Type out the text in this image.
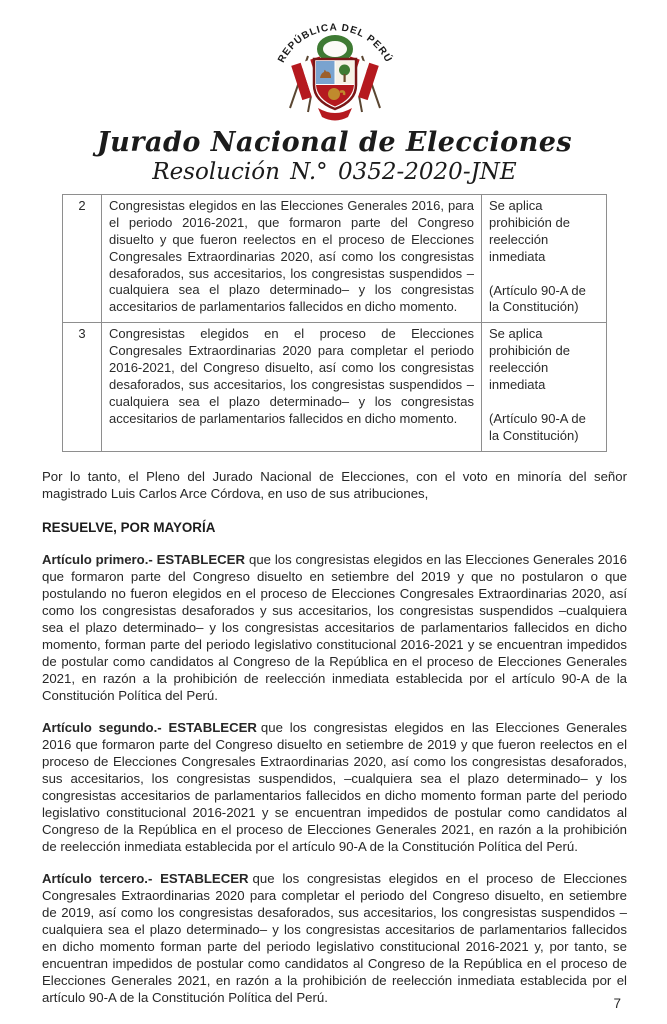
REPÚBLICA DEL PERÚ
Jurado Nacional de Elecciones
Resolución N.° 0352-2020-JNE
2	Congresistas elegidos en las Elecciones Generales 2016, para el periodo 2016-2021, que formaron parte del Congreso disuelto y que fueron reelectos en el proceso de Elecciones Congresales Extraordinarias 2020, así como los congresistas desaforados, sus accesitarios, los congresistas suspendidos –cualquiera sea el plazo determinado– y los congresistas accesitarios de parlamentarios fallecidos en dicho momento.	Se aplica prohibición de reelección inmediata
(Artículo 90-A de la Constitución)

3	Congresistas elegidos en el proceso de Elecciones Congresales Extraordinarias 2020 para completar el periodo 2016-2021, del Congreso disuelto, así como los congresistas desaforados, sus accesitarios, los congresistas suspendidos –cualquiera sea el plazo determinado– y los congresistas accesitarios de parlamentarios fallecidos en dicho momento.	Se aplica prohibición de reelección inmediata
(Artículo 90-A de la Constitución)

Por lo tanto, el Pleno del Jurado Nacional de Elecciones, con el voto en minoría del señor magistrado Luis Carlos Arce Córdova, en uso de sus atribuciones,

RESUELVE, POR MAYORÍA

Artículo primero.- ESTABLECER que los congresistas elegidos en las Elecciones Generales 2016 que formaron parte del Congreso disuelto en setiembre del 2019 y que no postularon o que postulando no fueron elegidos en el proceso de Elecciones Congresales Extraordinarias 2020, así como los congresistas desaforados y sus accesitarios, los congresistas suspendidos –cualquiera sea el plazo determinado– y los congresistas accesitarios de parlamentarios fallecidos en dicho momento, forman parte del periodo legislativo constitucional 2016-2021 y se encuentran impedidos de postular como candidatos al Congreso de la República en el proceso de Elecciones Generales 2021, en razón a la prohibición de reelección inmediata establecida por el artículo 90-A de la Constitución Política del Perú.

Artículo segundo.- ESTABLECER que los congresistas elegidos en las Elecciones Generales 2016 que formaron parte del Congreso disuelto en setiembre de 2019 y que fueron reelectos en el proceso de Elecciones Congresales Extraordinarias 2020, así como los congresistas desaforados, sus accesitarios, los congresistas suspendidos, –cualquiera sea el plazo determinado– y los congresistas accesitarios de parlamentarios fallecidos en dicho momento forman parte del periodo legislativo constitucional 2016-2021 y se encuentran impedidos de postular como candidatos al Congreso de la República en el proceso de Elecciones Generales 2021, en razón a la prohibición de reelección inmediata establecida por el artículo 90-A de la Constitución Política del Perú.

Artículo tercero.- ESTABLECER que los congresistas elegidos en el proceso de Elecciones Congresales Extraordinarias 2020 para completar el periodo del Congreso disuelto, en setiembre de 2019, así como los congresistas desaforados, sus accesitarios, los congresistas suspendidos –cualquiera sea el plazo determinado– y los congresistas accesitarios de parlamentarios fallecidos en dicho momento forman parte del periodo legislativo constitucional 2016-2021 y, por tanto, se encuentran impedidos de postular como candidatos al Congreso de la República en el proceso de Elecciones Generales 2021, en razón a la prohibición de reelección inmediata establecida por el artículo 90-A de la Constitución Política del Perú.	7
